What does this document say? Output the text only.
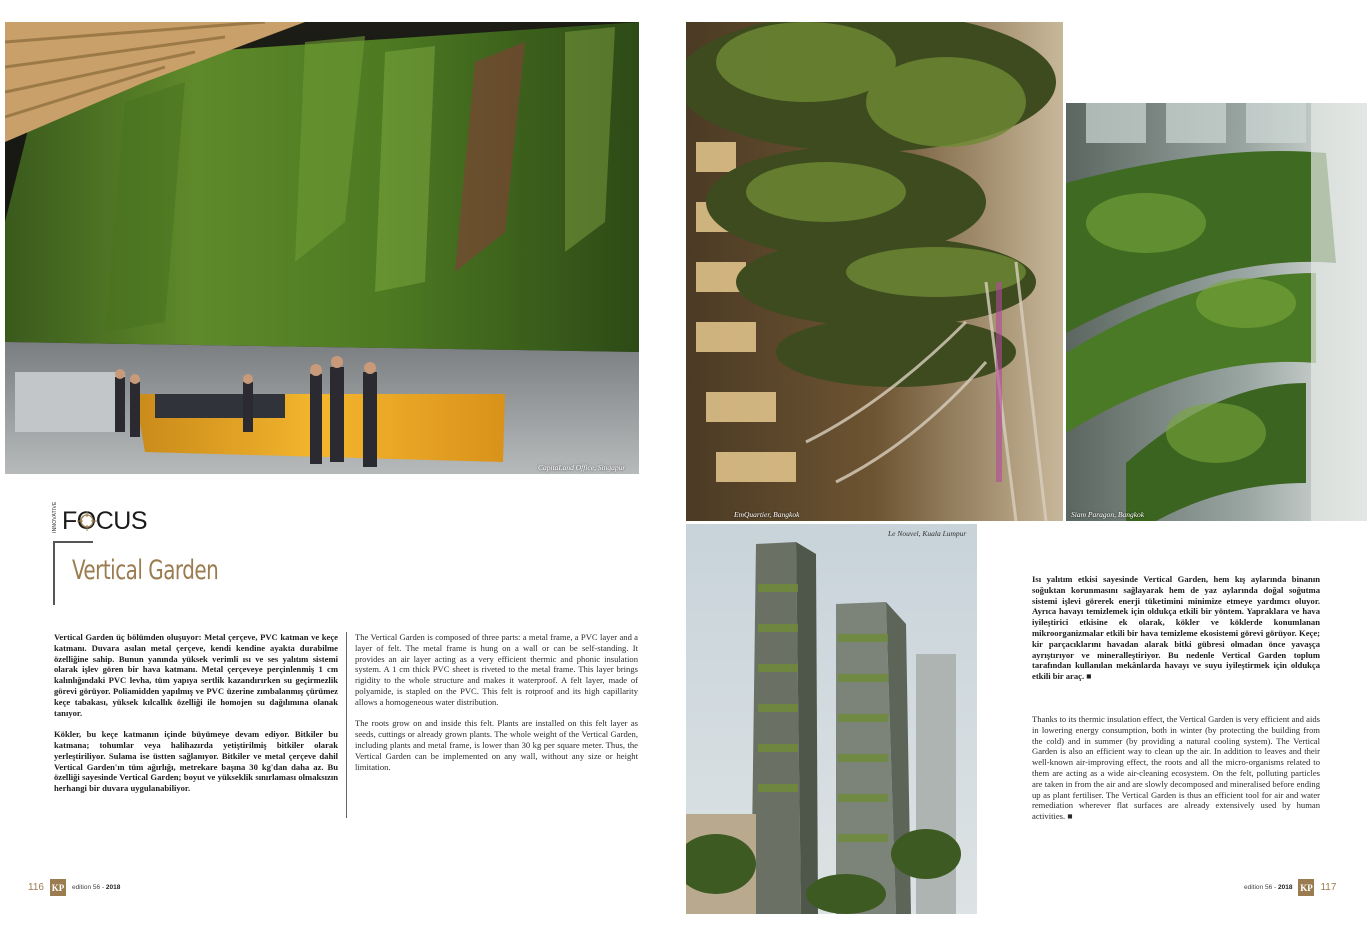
CapitaLand Office, Singapur
EmQuartier, Bangkok	Siam Paragon, Bangkok
Le Nouvel, Kuala Lumpur
INNOVATIVE FOCUS
Vertical Garden

Vertical Garden üç bölümden oluşuyor: Metal çerçeve, PVC katman ve keçe katmanı. Duvara asılan metal çerçeve, kendi kendine ayakta durabilme özelliğine sahip. Bunun yanında yüksek verimli ısı ve ses yalıtım sistemi olarak işlev gören bir hava katmanı. Metal çerçeveye perçinlenmiş 1 cm kalınlığındaki PVC levha, tüm yapıya sertlik kazandırırken su geçirmezlik görevi görüyor. Poliamidden yapılmış ve PVC üzerine zımbalanmış çürümez keçe tabakası, yüksek kılcallık özelliği ile homojen su dağılımına olanak tanıyor.

Kökler, bu keçe katmanın içinde büyümeye devam ediyor. Bitkiler bu katmana; tohumlar veya halihazırda yetiştirilmiş bitkiler olarak yerleştiriliyor. Sulama ise üstten sağlanıyor. Bitkiler ve metal çerçeve dahil Vertical Garden'ın tüm ağırlığı, metrekare başına 30 kg'dan daha az. Bu özelliği sayesinde Vertical Garden; boyut ve yükseklik sınırlaması olmaksızın herhangi bir duvara uygulanabiliyor.

The Vertical Garden is composed of three parts: a metal frame, a PVC layer and a layer of felt. The metal frame is hung on a wall or can be self-standing. It provides an air layer acting as a very efficient thermic and phonic insulation system. A 1 cm thick PVC sheet is riveted to the metal frame. This layer brings rigidity to the whole structure and makes it waterproof. A felt layer, made of polyamide, is stapled on the PVC. This felt is rotproof and its high capillarity allows a homogeneous water distribution.

The roots grow on and inside this felt. Plants are installed on this felt layer as seeds, cuttings or already grown plants. The whole weight of the Vertical Garden, including plants and metal frame, is lower than 30 kg per square meter. Thus, the Vertical Garden can be implemented on any wall, without any size or height limitation.

Isı yalıtım etkisi sayesinde Vertical Garden, hem kış aylarında binanın soğuktan korunmasını sağlayarak hem de yaz aylarında doğal soğutma sistemi işlevi görerek enerji tüketimini minimize etmeye yardımcı oluyor. Ayrıca havayı temizlemek için oldukça etkili bir yöntem. Yapraklara ve hava iyileştirici etkisine ek olarak, kökler ve köklerde konumlanan mikroorganizmalar etkili bir hava temizleme ekosistemi görevi görüyor. Keçe; kir parçacıklarını havadan alarak bitki gübresi olmadan önce yavaşça ayrıştırıyor ve mineralleştiriyor. Bu nedenle Vertical Garden toplum tarafından kullanılan mekânlarda havayı ve suyu iyileştirmek için oldukça etkili bir araç. ■

Thanks to its thermic insulation effect, the Vertical Garden is very efficient and aids in lowering energy consumption, both in winter (by protecting the building from the cold) and in summer (by providing a natural cooling system). The Vertical Garden is also an efficient way to clean up the air. In addition to leaves and their well-known air-improving effect, the roots and all the micro-organisms related to them are acting as a wide air-cleaning ecosystem. On the felt, polluting particles are taken in from the air and are slowly decomposed and mineralised before ending up as plant fertiliser. The Vertical Garden is thus an efficient tool for air and water remediation wherever flat surfaces are already extensively used by human activities. ■

116 KP edition 56 - 2018	edition 56 - 2018 KP 117
